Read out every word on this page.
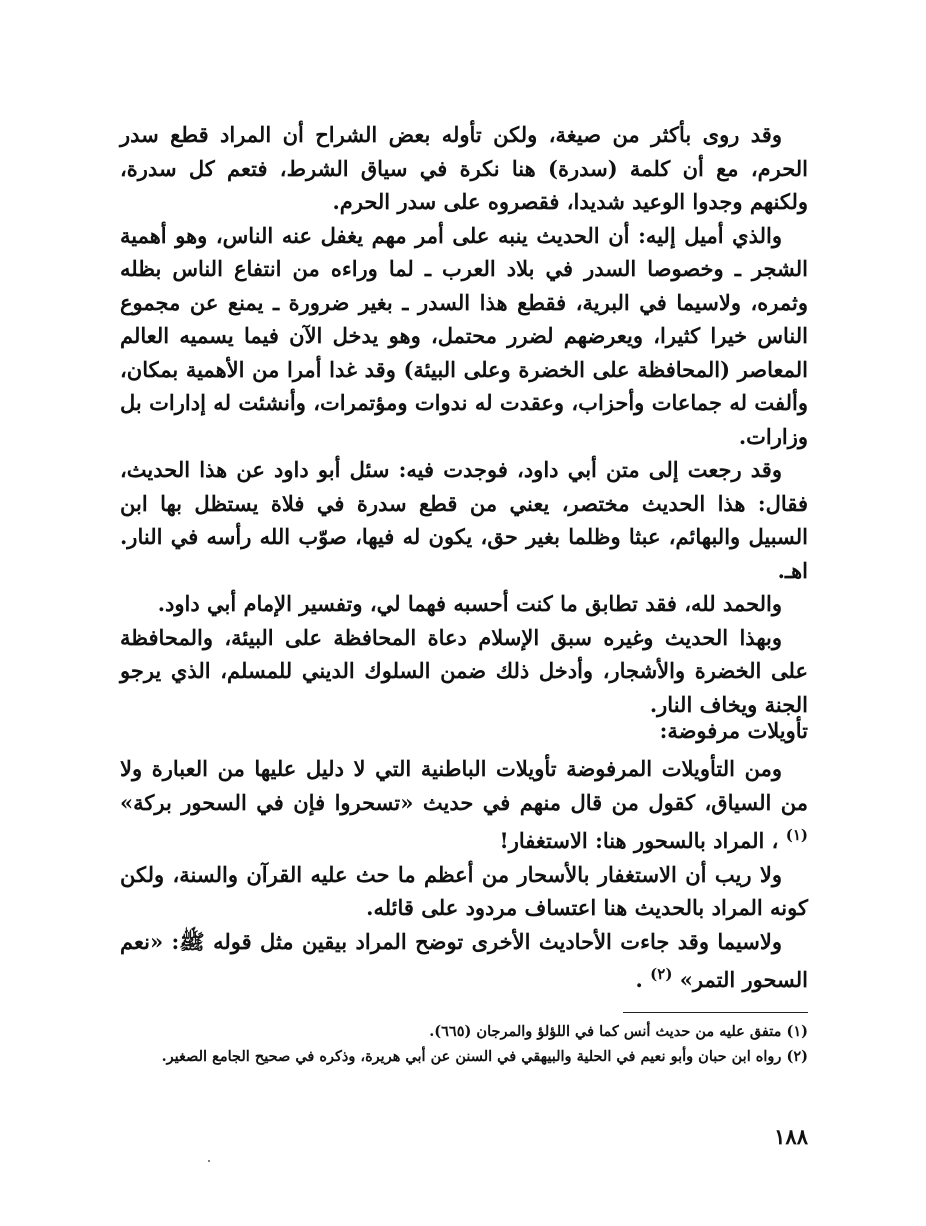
وقد روى بأكثر من صيغة، ولكن تأوله بعض الشراح أن المراد قطع سدر الحرم، مع أن كلمة (سدرة) هنا نكرة في سياق الشرط، فتعم كل سدرة، ولكنهم وجدوا الوعيد شديدا، فقصروه على سدر الحرم.

والذي أميل إليه: أن الحديث ينبه على أمر مهم يغفل عنه الناس، وهو أهمية الشجر ـ وخصوصا السدر في بلاد العرب ـ لما وراءه من انتفاع الناس بظله وثمره، ولاسيما في البرية، فقطع هذا السدر ـ بغير ضرورة ـ يمنع عن مجموع الناس خيرا كثيرا، ويعرضهم لضرر محتمل، وهو يدخل الآن فيما يسميه العالم المعاصر (المحافظة على الخضرة وعلى البيئة) وقد غدا أمرا من الأهمية بمكان، وألفت له جماعات وأحزاب، وعقدت له ندوات ومؤتمرات، وأنشئت له إدارات بل وزارات.

وقد رجعت إلى متن أبي داود، فوجدت فيه: سئل أبو داود عن هذا الحديث، فقال: هذا الحديث مختصر، يعني من قطع سدرة في فلاة يستظل بها ابن السبيل والبهائم، عبثا وظلما بغير حق، يكون له فيها، صوّب الله رأسه في النار. اهـ.

والحمد لله، فقد تطابق ما كنت أحسبه فهما لي، وتفسير الإمام أبي داود.

وبهذا الحديث وغيره سبق الإسلام دعاة المحافظة على البيئة، والمحافظة على الخضرة والأشجار، وأدخل ذلك ضمن السلوك الديني للمسلم، الذي يرجو الجنة ويخاف النار.

تأويلات مرفوضة:

ومن التأويلات المرفوضة تأويلات الباطنية التي لا دليل عليها من العبارة ولا من السياق، كقول من قال منهم في حديث «تسحروا فإن في السحور بركة» $^{(١)}$ ، المراد بالسحور هنا: الاستغفار!

ولا ريب أن الاستغفار بالأسحار من أعظم ما حث عليه القرآن والسنة، ولكن كونه المراد بالحديث هنا اعتساف مردود على قائله.

ولاسيما وقد جاءت الأحاديث الأخرى توضح المراد بيقين مثل قوله ﷺ: «نعم السحور التمر» $^{(٢)}$ .

(١) متفق عليه من حديث أنس كما في اللؤلؤ والمرجان (٦٦٥).

(٢) رواه ابن حبان وأبو نعيم في الحلية والبيهقي في السنن عن أبي هريرة، وذكره في صحيح الجامع الصغير.

١٨٨
